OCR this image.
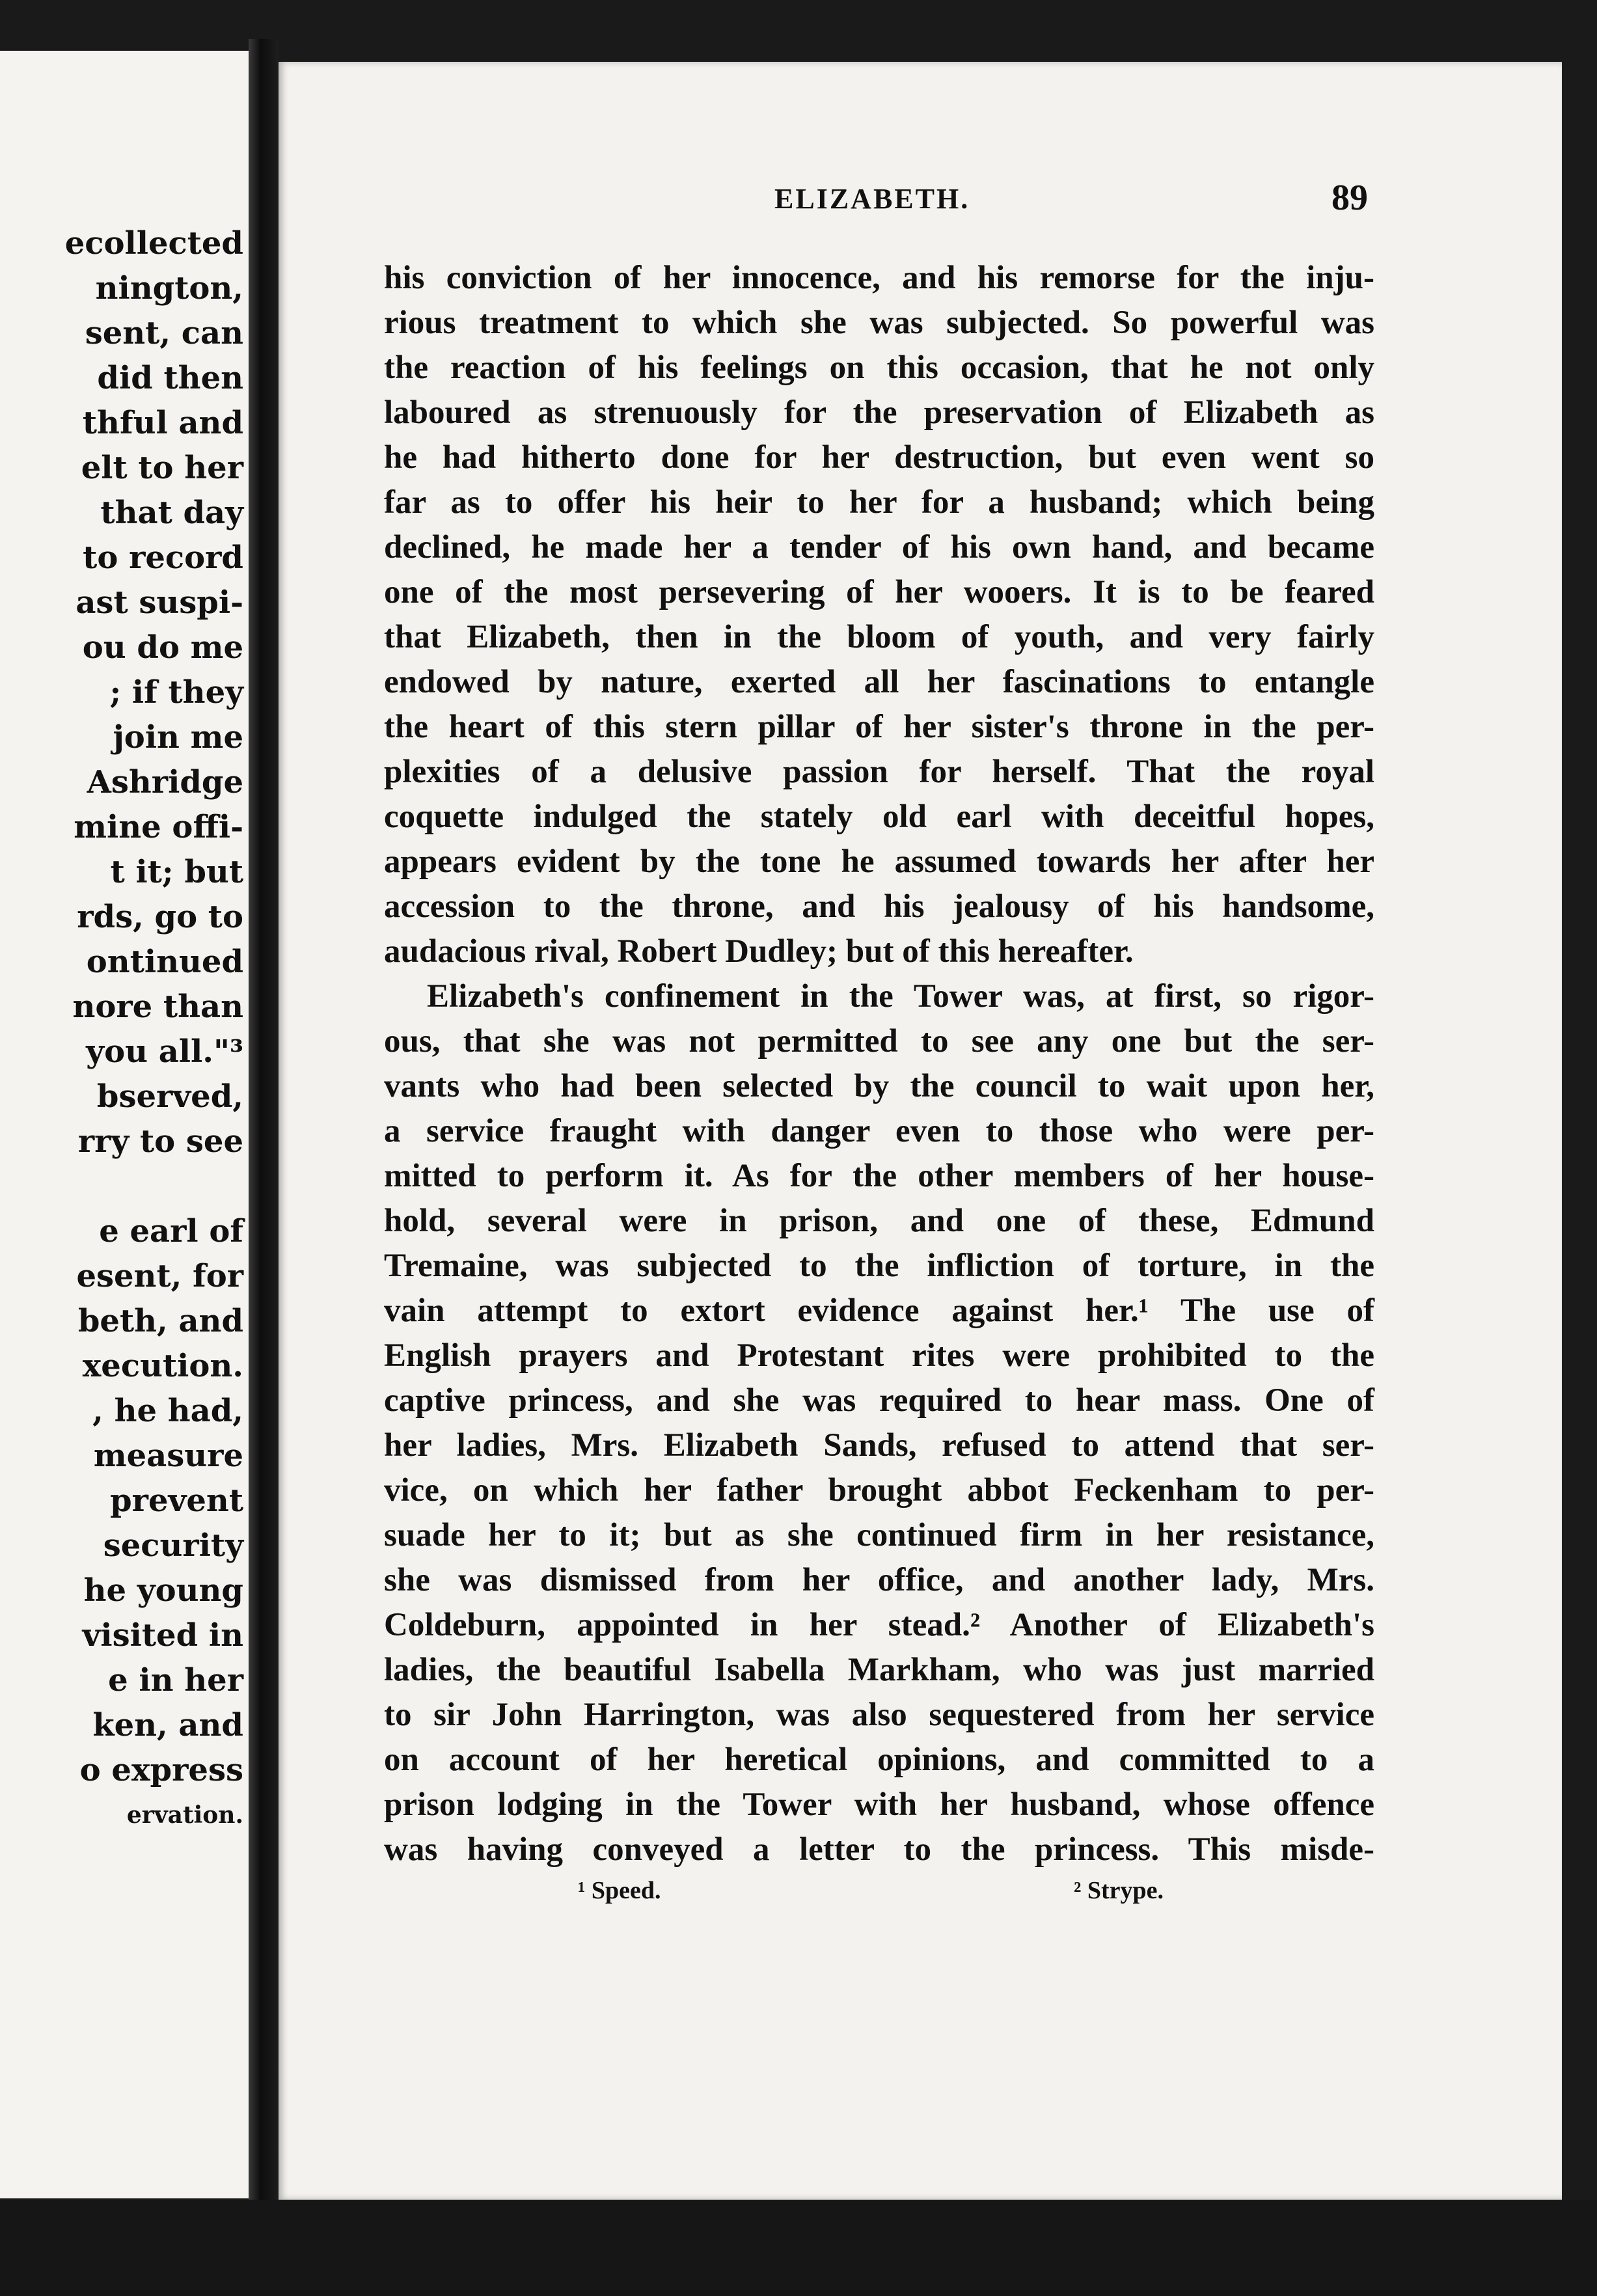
ecollected
nington,
sent, can
did then
thful and
elt to her
that day
to record
ast suspi-
ou do me
; if they
join me
Ashridge
mine offi-
t it; but
rds, go to
ontinued
nore than
you all."³
bserved,
rry to see

e earl of
esent, for
beth, and
xecution.
, he had,
measure
prevent
security
he young
visited in
e in her
ken, and
o express
ervation.
ELIZABETH.	89
his conviction of her innocence, and his remorse for the inju-
rious treatment to which she was subjected. So powerful was
the reaction of his feelings on this occasion, that he not only
laboured as strenuously for the preservation of Elizabeth as
he had hitherto done for her destruction, but even went so
far as to offer his heir to her for a husband; which being
declined, he made her a tender of his own hand, and became
one of the most persevering of her wooers. It is to be feared
that Elizabeth, then in the bloom of youth, and very fairly
endowed by nature, exerted all her fascinations to entangle
the heart of this stern pillar of her sister's throne in the per-
plexities of a delusive passion for herself. That the royal
coquette indulged the stately old earl with deceitful hopes,
appears evident by the tone he assumed towards her after her
accession to the throne, and his jealousy of his handsome,
audacious rival, Robert Dudley; but of this hereafter.
Elizabeth's confinement in the Tower was, at first, so rigor-
ous, that she was not permitted to see any one but the ser-
vants who had been selected by the council to wait upon her,
a service fraught with danger even to those who were per-
mitted to perform it. As for the other members of her house-
hold, several were in prison, and one of these, Edmund
Tremaine, was subjected to the infliction of torture, in the
vain attempt to extort evidence against her.¹ The use of
English prayers and Protestant rites were prohibited to the
captive princess, and she was required to hear mass. One of
her ladies, Mrs. Elizabeth Sands, refused to attend that ser-
vice, on which her father brought abbot Feckenham to per-
suade her to it; but as she continued firm in her resistance,
she was dismissed from her office, and another lady, Mrs.
Coldeburn, appointed in her stead.² Another of Elizabeth's
ladies, the beautiful Isabella Markham, who was just married
to sir John Harrington, was also sequestered from her service
on account of her heretical opinions, and committed to a
prison lodging in the Tower with her husband, whose offence
was having conveyed a letter to the princess. This misde-
¹ Speed.	² Strype.
